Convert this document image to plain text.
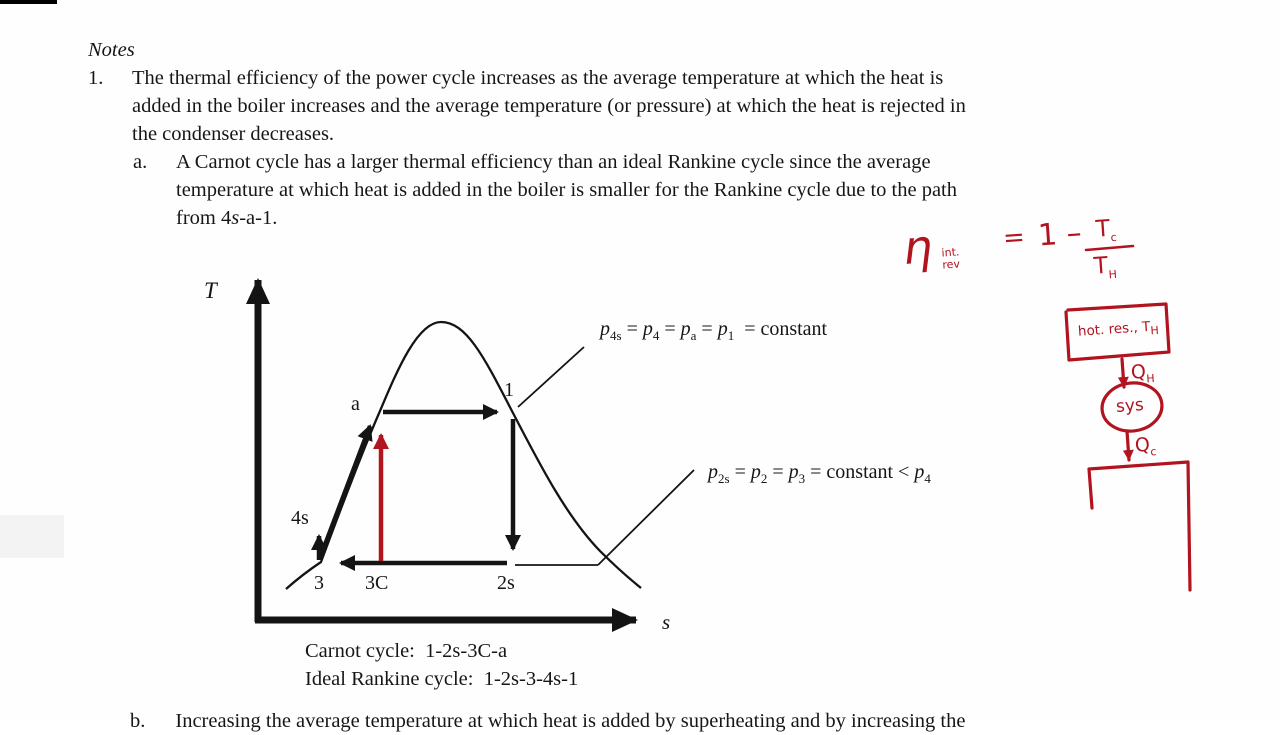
Notes
1. The thermal efficiency of the power cycle increases as the average temperature at which the heat is
added in the boiler increases and the average temperature (or pressure) at which the heat is rejected in
the condenser decreases.
a. A Carnot cycle has a larger thermal efficiency than an ideal Rankine cycle since the average
temperature at which heat is added in the boiler is smaller for the Rankine cycle due to the path
from 4s-a-1.
T
s
a
1
4s
3 3C	2s
$p_{4s} = p_4 = p_a = p_1$  = constant
$p_{2s} = p_2 = p_3$ = constant < $p_4$
Carnot cycle:  1-2s-3C-a
Ideal Rankine cycle:  1-2s-3-4s-1
η int.
rev
= $1 - T_c$
$T_H$
hot. res., $T_H$
$Q_H$
sys
$Q_c$
b. Increasing the average temperature at which heat is added by superheating and by increasing the
